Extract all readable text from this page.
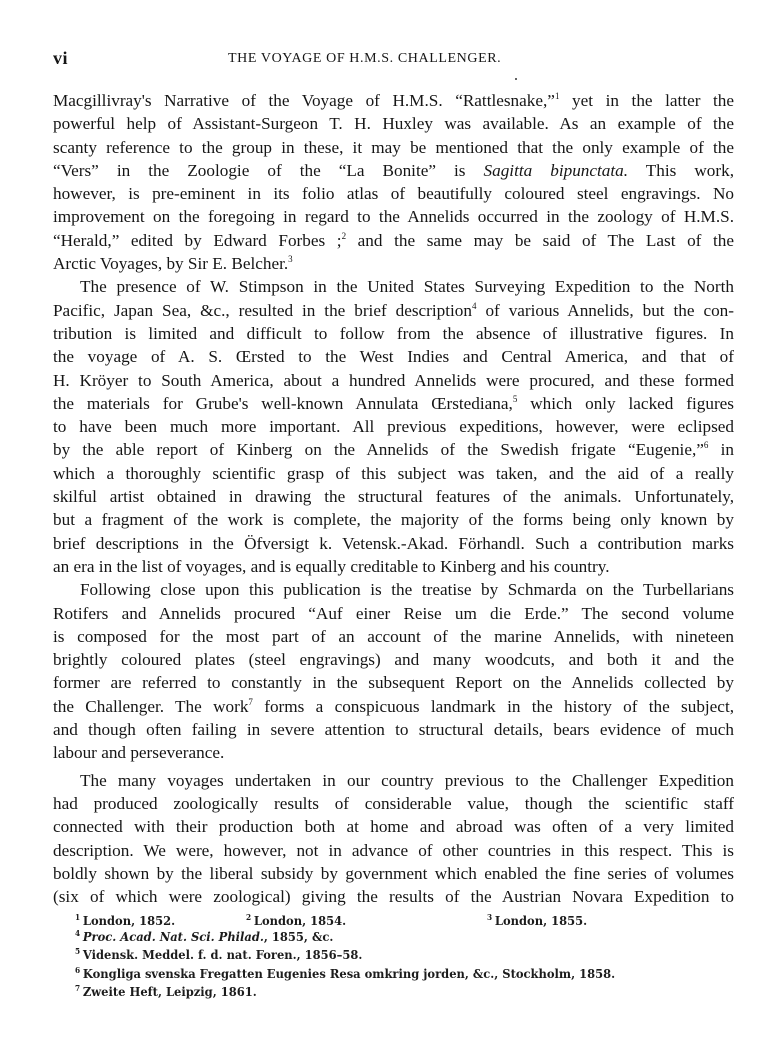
vi	THE VOYAGE OF H.M.S. CHALLENGER.
Macgillivray's Narrative of the Voyage of H.M.S. “Rattlesnake,”$^1$ yet in the latter the
powerful help of Assistant-Surgeon T. H. Huxley was available. As an example of the
scanty reference to the group in these, it may be mentioned that the only example of the
“Vers” in the Zoologie of the “La Bonite” is Sagitta bipunctata. This work,
however, is pre-eminent in its folio atlas of beautifully coloured steel engravings. No
improvement on the foregoing in regard to the Annelids occurred in the zoology of H.M.S.
“Herald,” edited by Edward Forbes ;$^2$ and the same may be said of The Last of the
Arctic Voyages, by Sir E. Belcher.$^3$
The presence of W. Stimpson in the United States Surveying Expedition to the North
Pacific, Japan Sea, &c., resulted in the brief description$^4$ of various Annelids, but the con-
tribution is limited and difficult to follow from the absence of illustrative figures. In
the voyage of A. S. Œrsted to the West Indies and Central America, and that of
H. Kröyer to South America, about a hundred Annelids were procured, and these formed
the materials for Grube's well-known Annulata Œrstediana,$^5$ which only lacked figures
to have been much more important. All previous expeditions, however, were eclipsed
by the able report of Kinberg on the Annelids of the Swedish frigate “Eugenie,”$^6$ in
which a thoroughly scientific grasp of this subject was taken, and the aid of a really
skilful artist obtained in drawing the structural features of the animals. Unfortunately,
but a fragment of the work is complete, the majority of the forms being only known by
brief descriptions in the Öfversigt k. Vetensk.-Akad. Förhandl. Such a contribution marks
an era in the list of voyages, and is equally creditable to Kinberg and his country.
Following close upon this publication is the treatise by Schmarda on the Turbellarians
Rotifers and Annelids procured “Auf einer Reise um die Erde.” The second volume
is composed for the most part of an account of the marine Annelids, with nineteen
brightly coloured plates (steel engravings) and many woodcuts, and both it and the
former are referred to constantly in the subsequent Report on the Annelids collected by
the Challenger. The work$^7$ forms a conspicuous landmark in the history of the subject,
and though often failing in severe attention to structural details, bears evidence of much
labour and perseverance.
The many voyages undertaken in our country previous to the Challenger Expedition
had produced zoologically results of considerable value, though the scientific staff
connected with their production both at home and abroad was often of a very limited
description. We were, however, not in advance of other countries in this respect. This is
boldly shown by the liberal subsidy by government which enabled the fine series of volumes
(six of which were zoological) giving the results of the Austrian Novara Expedition to
$^1$ London, 1852.	$^2$ London, 1854.	$^3$ London, 1855.
$^4$ Proc. Acad. Nat. Sci. Philad., 1855, &c.
$^5$ Vidensk. Meddel. f. d. nat. Foren., 1856–58.
$^6$ Kongliga svenska Fregatten Eugenies Resa omkring jorden, &c., Stockholm, 1858.
$^7$ Zweite Heft, Leipzig, 1861.
